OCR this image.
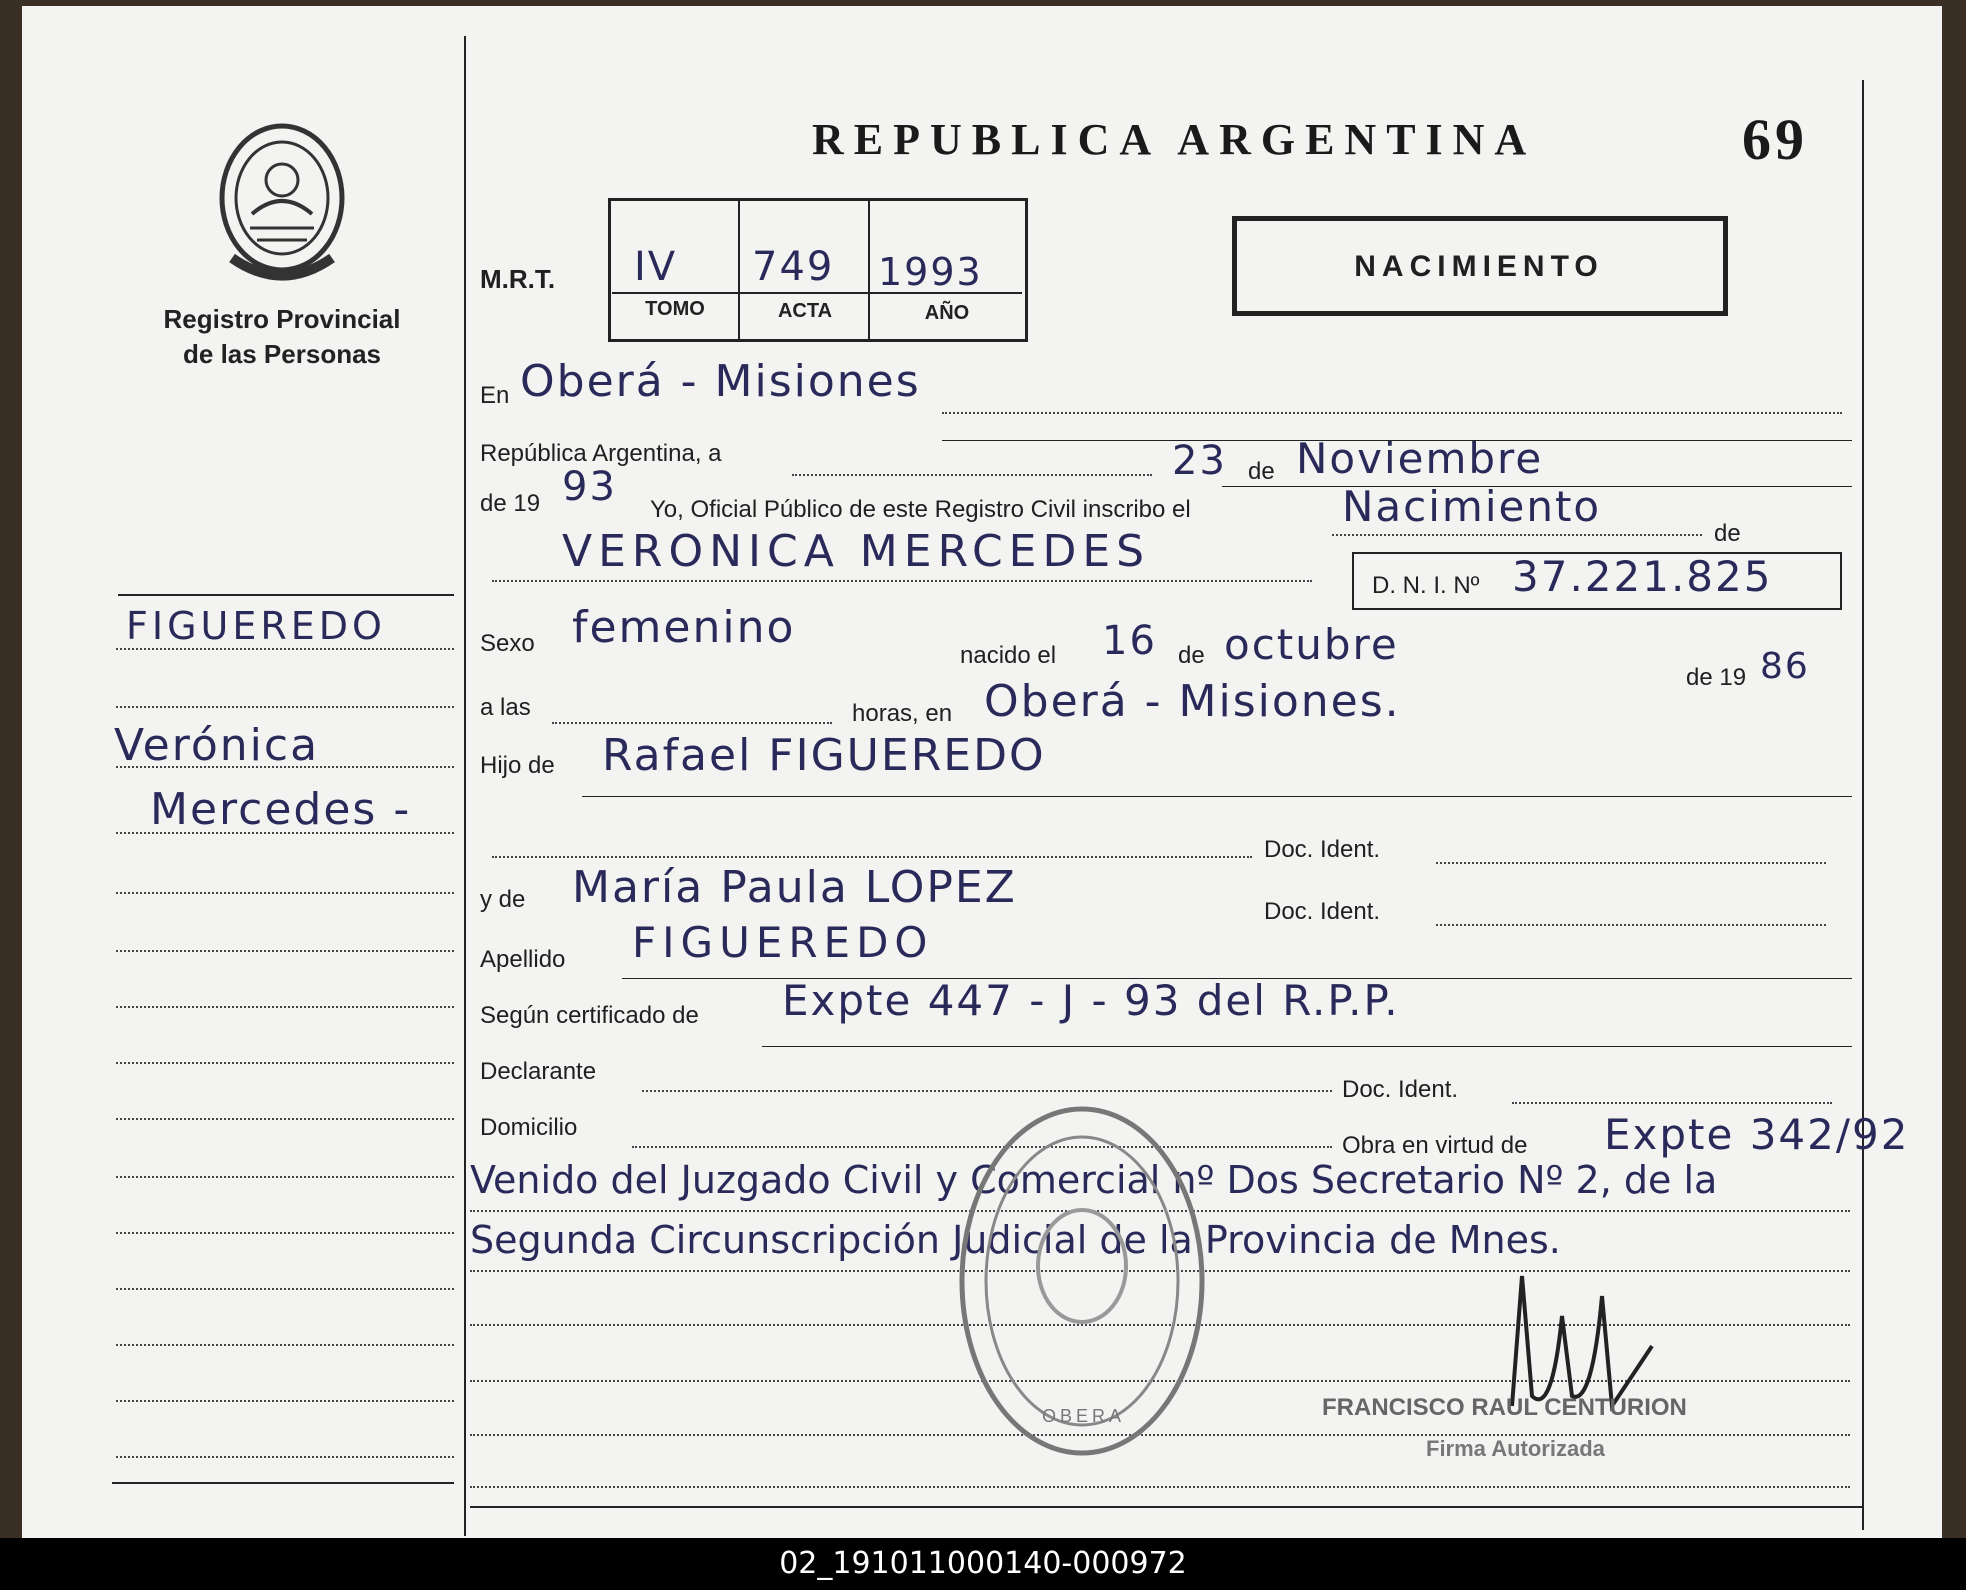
Registro Provincial
de las Personas
REPUBLICA ARGENTINA	69
M.R.T. IV 749 1993
TOMO	ACTA	AÑO
NACIMIENTO
En Oberá - Misiones
República Argentina, a	23 de Noviembre
de 19 93 Yo, Oficial Público de este Registro Civil inscribo el	Nacimiento
de
VERONICA MERCEDES
D. N. I. Nº 37.221.825
Sexo femenino
nacido el 16 de octubre
de 19 86
a las	horas, en Oberá - Misiones.
Hijo de Rafael FIGUEREDO
Doc. Ident.
y de María Paula LOPEZ	Doc. Ident.
Apellido FIGUEREDO
Según certificado de Expte 447 - J - 93 del R.P.P.
Declarante
Doc. Ident.
Domicilio
Obra en virtud de Expte 342/92
Venido del Juzgado Civil y Comercial nº Dos Secretario Nº 2, de la
Segunda Circunscripción Judicial de la Provincia de Mnes.
OBERA	FRANCISCO RAUL CENTURION
Firma Autorizada
FIGUEREDO
Verónica
Mercedes -
02_191011000140-000972
